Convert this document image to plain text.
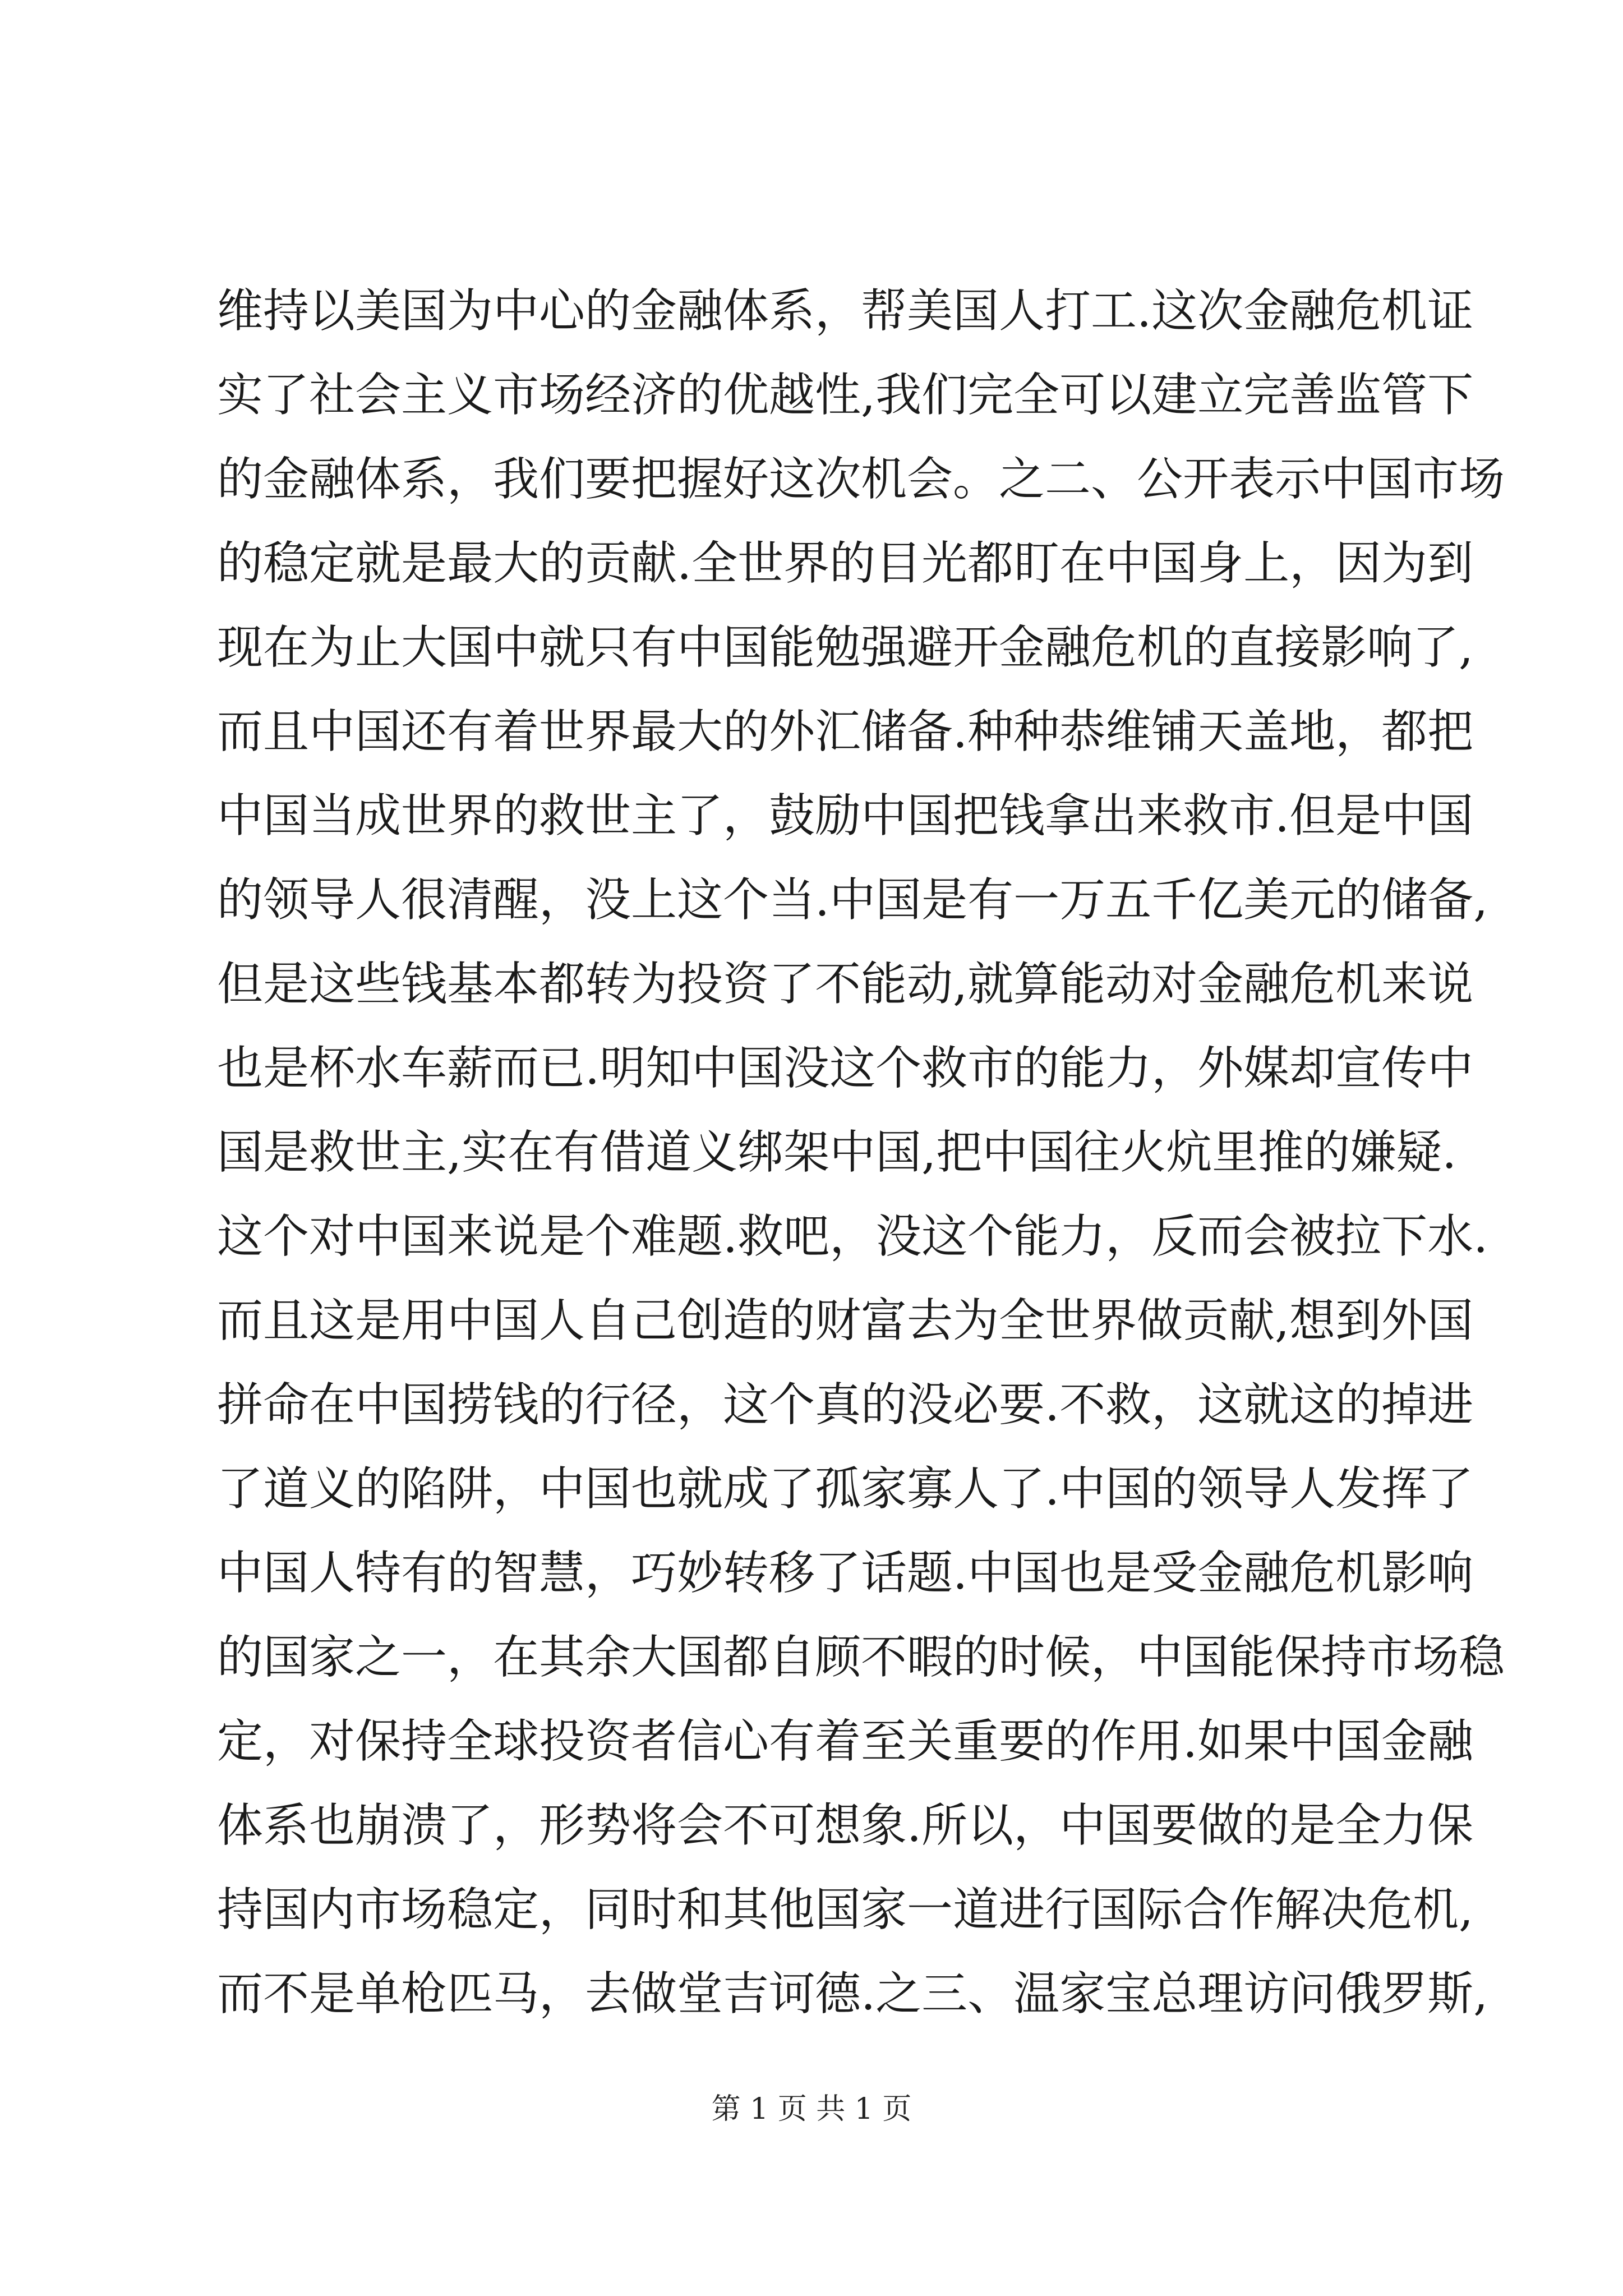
维持以美国为中心的金融体系，帮美国人打工.这次金融危机证
实了社会主义市场经济的优越性,我们完全可以建立完善监管下
的金融体系，我们要把握好这次机会。之二、公开表示中国市场
的稳定就是最大的贡献.全世界的目光都盯在中国身上，因为到
现在为止大国中就只有中国能勉强避开金融危机的直接影响了,
而且中国还有着世界最大的外汇储备.种种恭维铺天盖地，都把
中国当成世界的救世主了，鼓励中国把钱拿出来救市.但是中国
的领导人很清醒，没上这个当.中国是有一万五千亿美元的储备,
但是这些钱基本都转为投资了不能动,就算能动对金融危机来说
也是杯水车薪而已.明知中国没这个救市的能力，外媒却宣传中
国是救世主,实在有借道义绑架中国,把中国往火炕里推的嫌疑.
这个对中国来说是个难题.救吧，没这个能力，反而会被拉下水.
而且这是用中国人自己创造的财富去为全世界做贡献,想到外国
拼命在中国捞钱的行径，这个真的没必要.不救，这就这的掉进
了道义的陷阱，中国也就成了孤家寡人了.中国的领导人发挥了
中国人特有的智慧，巧妙转移了话题.中国也是受金融危机影响
的国家之一，在其余大国都自顾不暇的时候，中国能保持市场稳
定，对保持全球投资者信心有着至关重要的作用.如果中国金融
体系也崩溃了，形势将会不可想象.所以，中国要做的是全力保
持国内市场稳定，同时和其他国家一道进行国际合作解决危机,
而不是单枪匹马，去做堂吉诃德.之三、温家宝总理访问俄罗斯,
第 1 页 共 1 页
